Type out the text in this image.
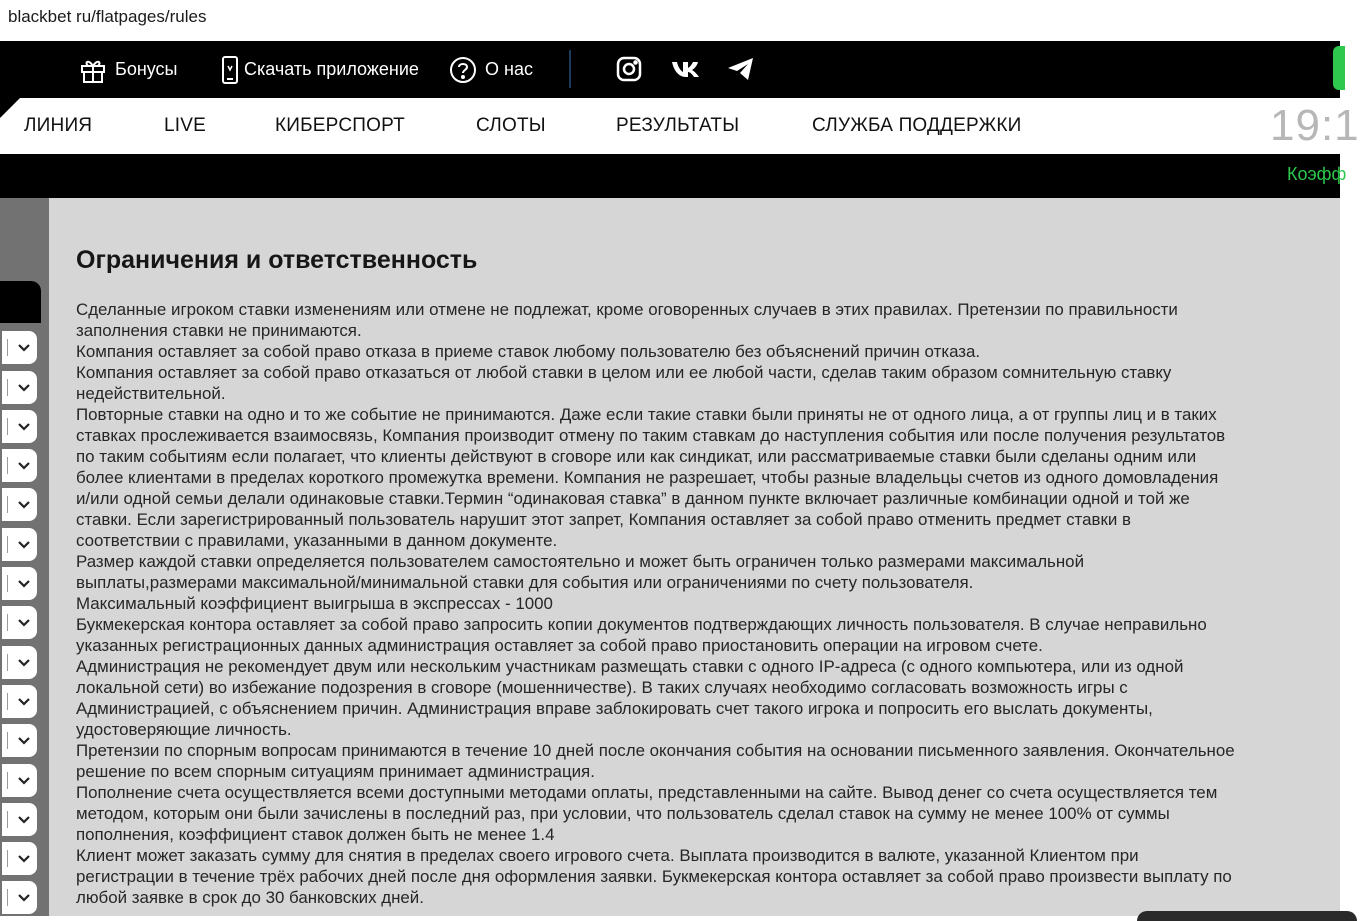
blackbet ru/flatpages/rules
Бонусы	Скачать приложение	О нас
ЛИНИЯ	LIVE	КИБЕРСПОРТ	СЛОТЫ	РЕЗУЛЬТАТЫ	СЛУЖБА ПОДДЕРЖКИ	19:1
Коэфф
Ограничения и ответственность

Сделанные игроком ставки изменениям или отмене не подлежат, кроме оговоренных случаев в этих правилах. Претензии по правильности

заполнения ставки не принимаются.

Компания оставляет за собой право отказа в приеме ставок любому пользователю без объяснений причин отказа.

Компания оставляет за собой право отказаться от любой ставки в целом или ее любой части, сделав таким образом сомнительную ставку

недействительной.

Повторные ставки на одно и то же событие не принимаются. Даже если такие ставки были приняты не от одного лица, а от группы лиц и в таких

ставках прослеживается взаимосвязь, Компания производит отмену по таким ставкам до наступления события или после получения результатов

по таким событиям если полагает, что клиенты действуют в сговоре или как синдикат, или рассматриваемые ставки были сделаны одним или

более клиентами в пределах короткого промежутка времени. Компания не разрешает, чтобы разные владельцы счетов из одного домовладения

и/или одной семьи делали одинаковые ставки.Термин “одинаковая ставка” в данном пункте включает различные комбинации одной и той же

ставки. Если зарегистрированный пользователь нарушит этот запрет, Компания оставляет за собой право отменить предмет ставки в

соответствии с правилами, указанными в данном документе.

Размер каждой ставки определяется пользователем самостоятельно и может быть ограничен только размерами максимальной

выплаты,размерами максимальной/минимальной ставки для события или ограничениями по счету пользователя.

Максимальный коэффициент выигрыша в экспрессах - 1000

Букмекерская контора оставляет за собой право запросить копии документов подтверждающих личность пользователя. В случае неправильно

указанных регистрационных данных администрация оставляет за собой право приостановить операции на игровом счете.

Администрация не рекомендует двум или нескольким участникам размещать ставки с одного IP-адреса (с одного компьютера, или из одной

локальной сети) во избежание подозрения в сговоре (мошенничестве). В таких случаях необходимо согласовать возможность игры с

Администрацией, с объяснением причин. Администрация вправе заблокировать счет такого игрока и попросить его выслать документы,

удостоверяющие личность.

Претензии по спорным вопросам принимаются в течение 10 дней после окончания события на основании письменного заявления. Окончательное

решение по всем спорным ситуациям принимает администрация.

Пополнение счета осуществляется всеми доступными методами оплаты, представленными на сайте. Вывод денег со счета осуществляется тем

методом, которым они были зачислены в последний раз, при условии, что пользователь сделал ставок на сумму не менее 100% от суммы

пополнения, коэффициент ставок должен быть не менее 1.4

Клиент может заказать сумму для снятия в пределах своего игрового счета. Выплата производится в валюте, указанной Клиентом при

регистрации в течение трёх рабочих дней после дня оформления заявки. Букмекерская контора оставляет за собой право произвести выплату по

любой заявке в срок до 30 банковских дней.
